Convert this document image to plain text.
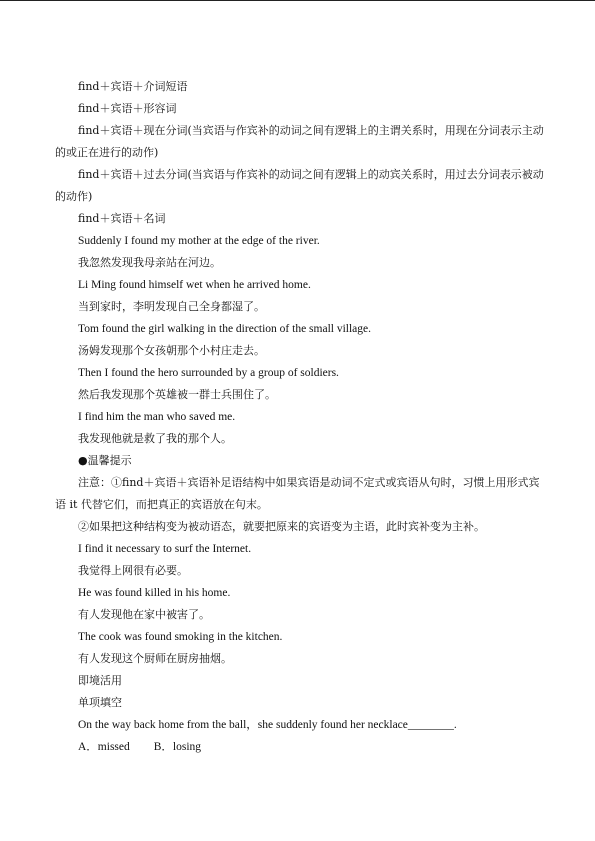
find＋宾语＋介词短语
find＋宾语＋形容词
find＋宾语＋现在分词(当宾语与作宾补的动词之间有逻辑上的主谓关系时，用现在分词表示主动的或正在进行的动作)
find＋宾语＋过去分词(当宾语与作宾补的动词之间有逻辑上的动宾关系时，用过去分词表示被动的动作)
find＋宾语＋名词
Suddenly I found my mother at the edge of the river.
我忽然发现我母亲站在河边。
Li Ming found himself wet when he arrived home.
当到家时，李明发现自己全身都湿了。
Tom found the girl walking in the direction of the small village.
汤姆发现那个女孩朝那个小村庄走去。
Then I found the hero surrounded by a group of soldiers.
然后我发现那个英雄被一群士兵围住了。
I find him the man who saved me.
我发现他就是救了我的那个人。
●温馨提示
注意：①⁠find＋宾语＋宾语补足语⁠结构中如果宾语是动词不定式或宾语从句时，习惯上用形式宾语 it 代替它们，而把真正的宾语放在句末。
②如果把这种结构变为被动语态，就要把原来的宾语变为主语，此时宾补变为主补。
I find it necessary to surf the Internet.
我觉得上网很有必要。
He was found killed in his home.
有人发现他在家中被害了。
The cook was found smoking in the kitchen.
有人发现这个厨师在厨房抽烟。
即境活用
单项填空
On the way back home from the ball，she suddenly found her necklace________.
A．missed B．losing
